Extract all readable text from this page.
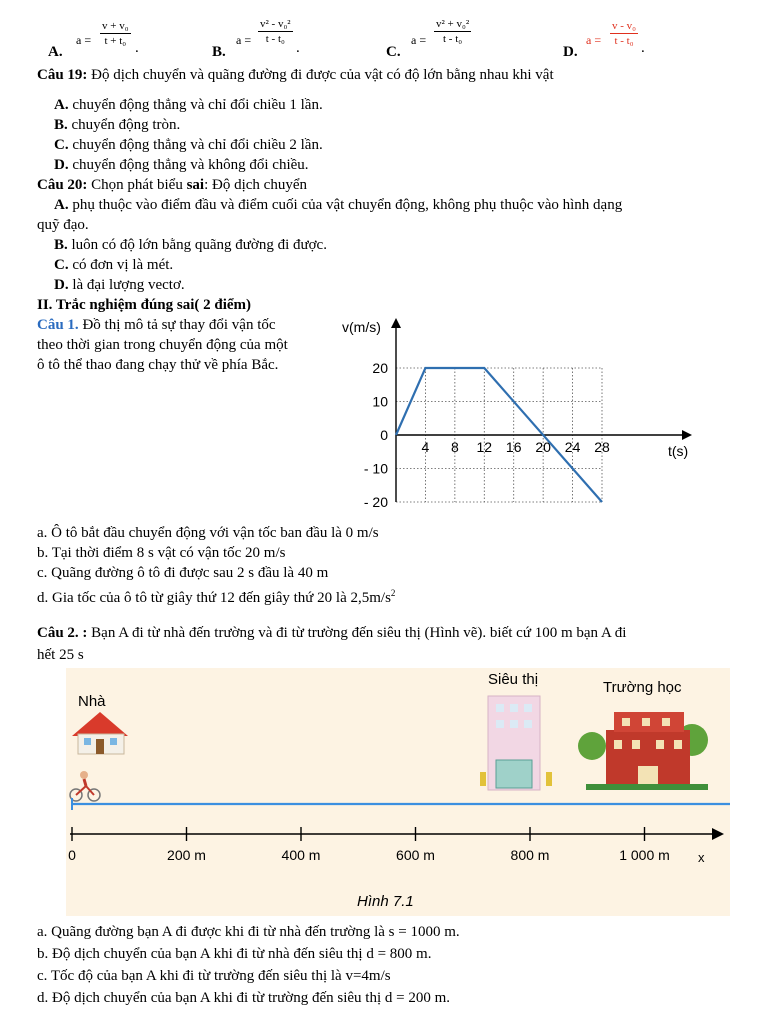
A.
$a = \frac{\text{v + v₀}}{\text{t + t₀}}$
.	B.
$a = \frac{\text{v² - v₀²}}{\text{t - t₀}}$
.	C.
$a = \frac{\text{v² + v₀²}}{\text{t - t₀}}$
D.
$a = \frac{\text{v - v₀}}{\text{t - t₀}}$
.
Câu 19: Độ dịch chuyển và quãng đường đi được của vật có độ lớn bằng nhau khi vật
A. chuyển động thẳng và chỉ đổi chiều 1 lần.
B. chuyển động tròn.
C. chuyển động thẳng và chỉ đổi chiều 2 lần.
D. chuyển động thẳng và không đổi chiều.
Câu 20: Chọn phát biểu sai: Độ dịch chuyển
A. phụ thuộc vào điểm đầu và điểm cuối của vật chuyển động, không phụ thuộc vào hình dạng
quỹ đạo.
B. luôn có độ lớn bằng quãng đường đi được.
C. có đơn vị là mét.
D. là đại lượng vectơ.
II. Trắc nghiệm đúng sai( 2 điểm)
Câu 1. Đồ thị mô tả sự thay đổi vận tốc
theo thời gian trong chuyển động của một
ô tô thể thao đang chạy thử về phía Bắc.
4 8 12 16 20 24 28
20
10
0
- 10
- 20
v(m/s)
t(s)
a. Ô tô bắt đầu chuyển động với vận tốc ban đầu là 0 m/s
b. Tại thời điểm 8 s vật có vận tốc 20 m/s
c. Quãng đường ô tô đi được sau 2 s đầu là 40 m
d. Gia tốc của ô tô từ giây thứ 12 đến giây thứ 20 là $2,5m/s^2$
Câu 2. : Bạn A đi từ nhà đến trường và đi từ trường đến siêu thị (Hình vẽ). biết cứ 100 m bạn A đi
hết 25 s
Nhà
Siêu thị	Trường học
0	200 m	400 m	600 m	800 m	1 000 m x
Hình 7.1
a. Quãng đường bạn A đi được khi đi từ nhà đến trường là s = 1000 m.
b. Độ dịch chuyển của bạn A khi đi từ nhà đến siêu thị d = 800 m.
c. Tốc độ của bạn A khi đi từ trường đến siêu thị là v=4m/s
d. Độ dịch chuyển của bạn A khi đi từ trường đến siêu thị d = 200 m.
